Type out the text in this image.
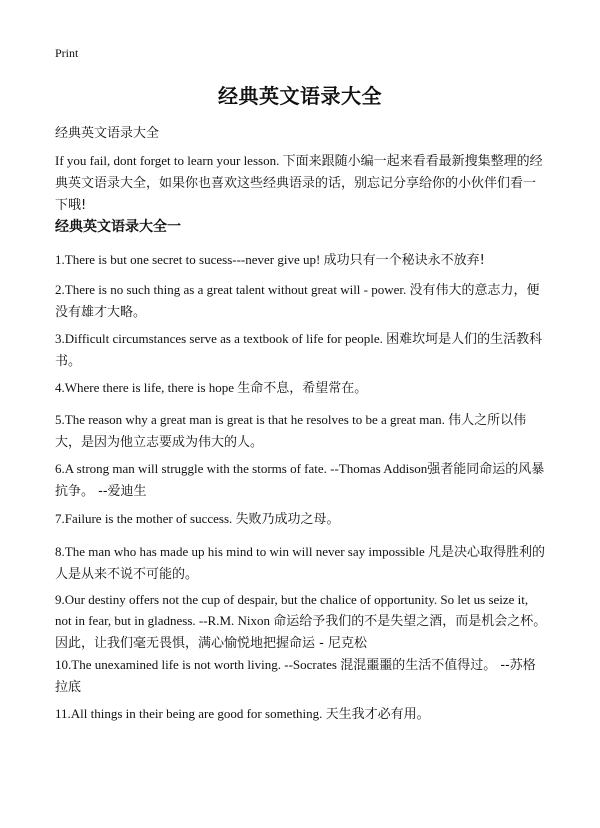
Print
经典英文语录大全
经典英文语录大全
If you fail, dont forget to learn your lesson. 下面来跟随小编一起来看看最新搜集整理的经典英文语录大全，如果你也喜欢这些经典语录的话，别忘记分享给你的小伙伴们看一下哦!
经典英文语录大全一
1.There is but one secret to sucess---never give up! 成功只有一个秘诀永不放弃!
2.There is no such thing as a great talent without great will - power. 没有伟大的意志力，便没有雄才大略。
3.Difficult circumstances serve as a textbook of life for people. 困难坎坷是人们的生活教科书。
4.Where there is life, there is hope 生命不息，希望常在。
5.The reason why a great man is great is that he resolves to be a great man. 伟人之所以伟大，是因为他立志要成为伟大的人。
6.A strong man will struggle with the storms of fate. --Thomas Addison强者能同命运的风暴抗争。 --爱迪生
7.Failure is the mother of success. 失败乃成功之母。
8.The man who has made up his mind to win will never say impossible 凡是决心取得胜利的人是从来不说不可能的。
9.Our destiny offers not the cup of despair, but the chalice of opportunity. So let us seize it, not in fear, but in gladness. --R.M. Nixon 命运给予我们的不是失望之酒，而是机会之杯。因此，让我们毫无畏惧，满心愉悦地把握命运 - 尼克松
10.The unexamined life is not worth living. --Socrates 混混噩噩的生活不值得过。 --苏格拉底
11.All things in their being are good for something. 天生我才必有用。
